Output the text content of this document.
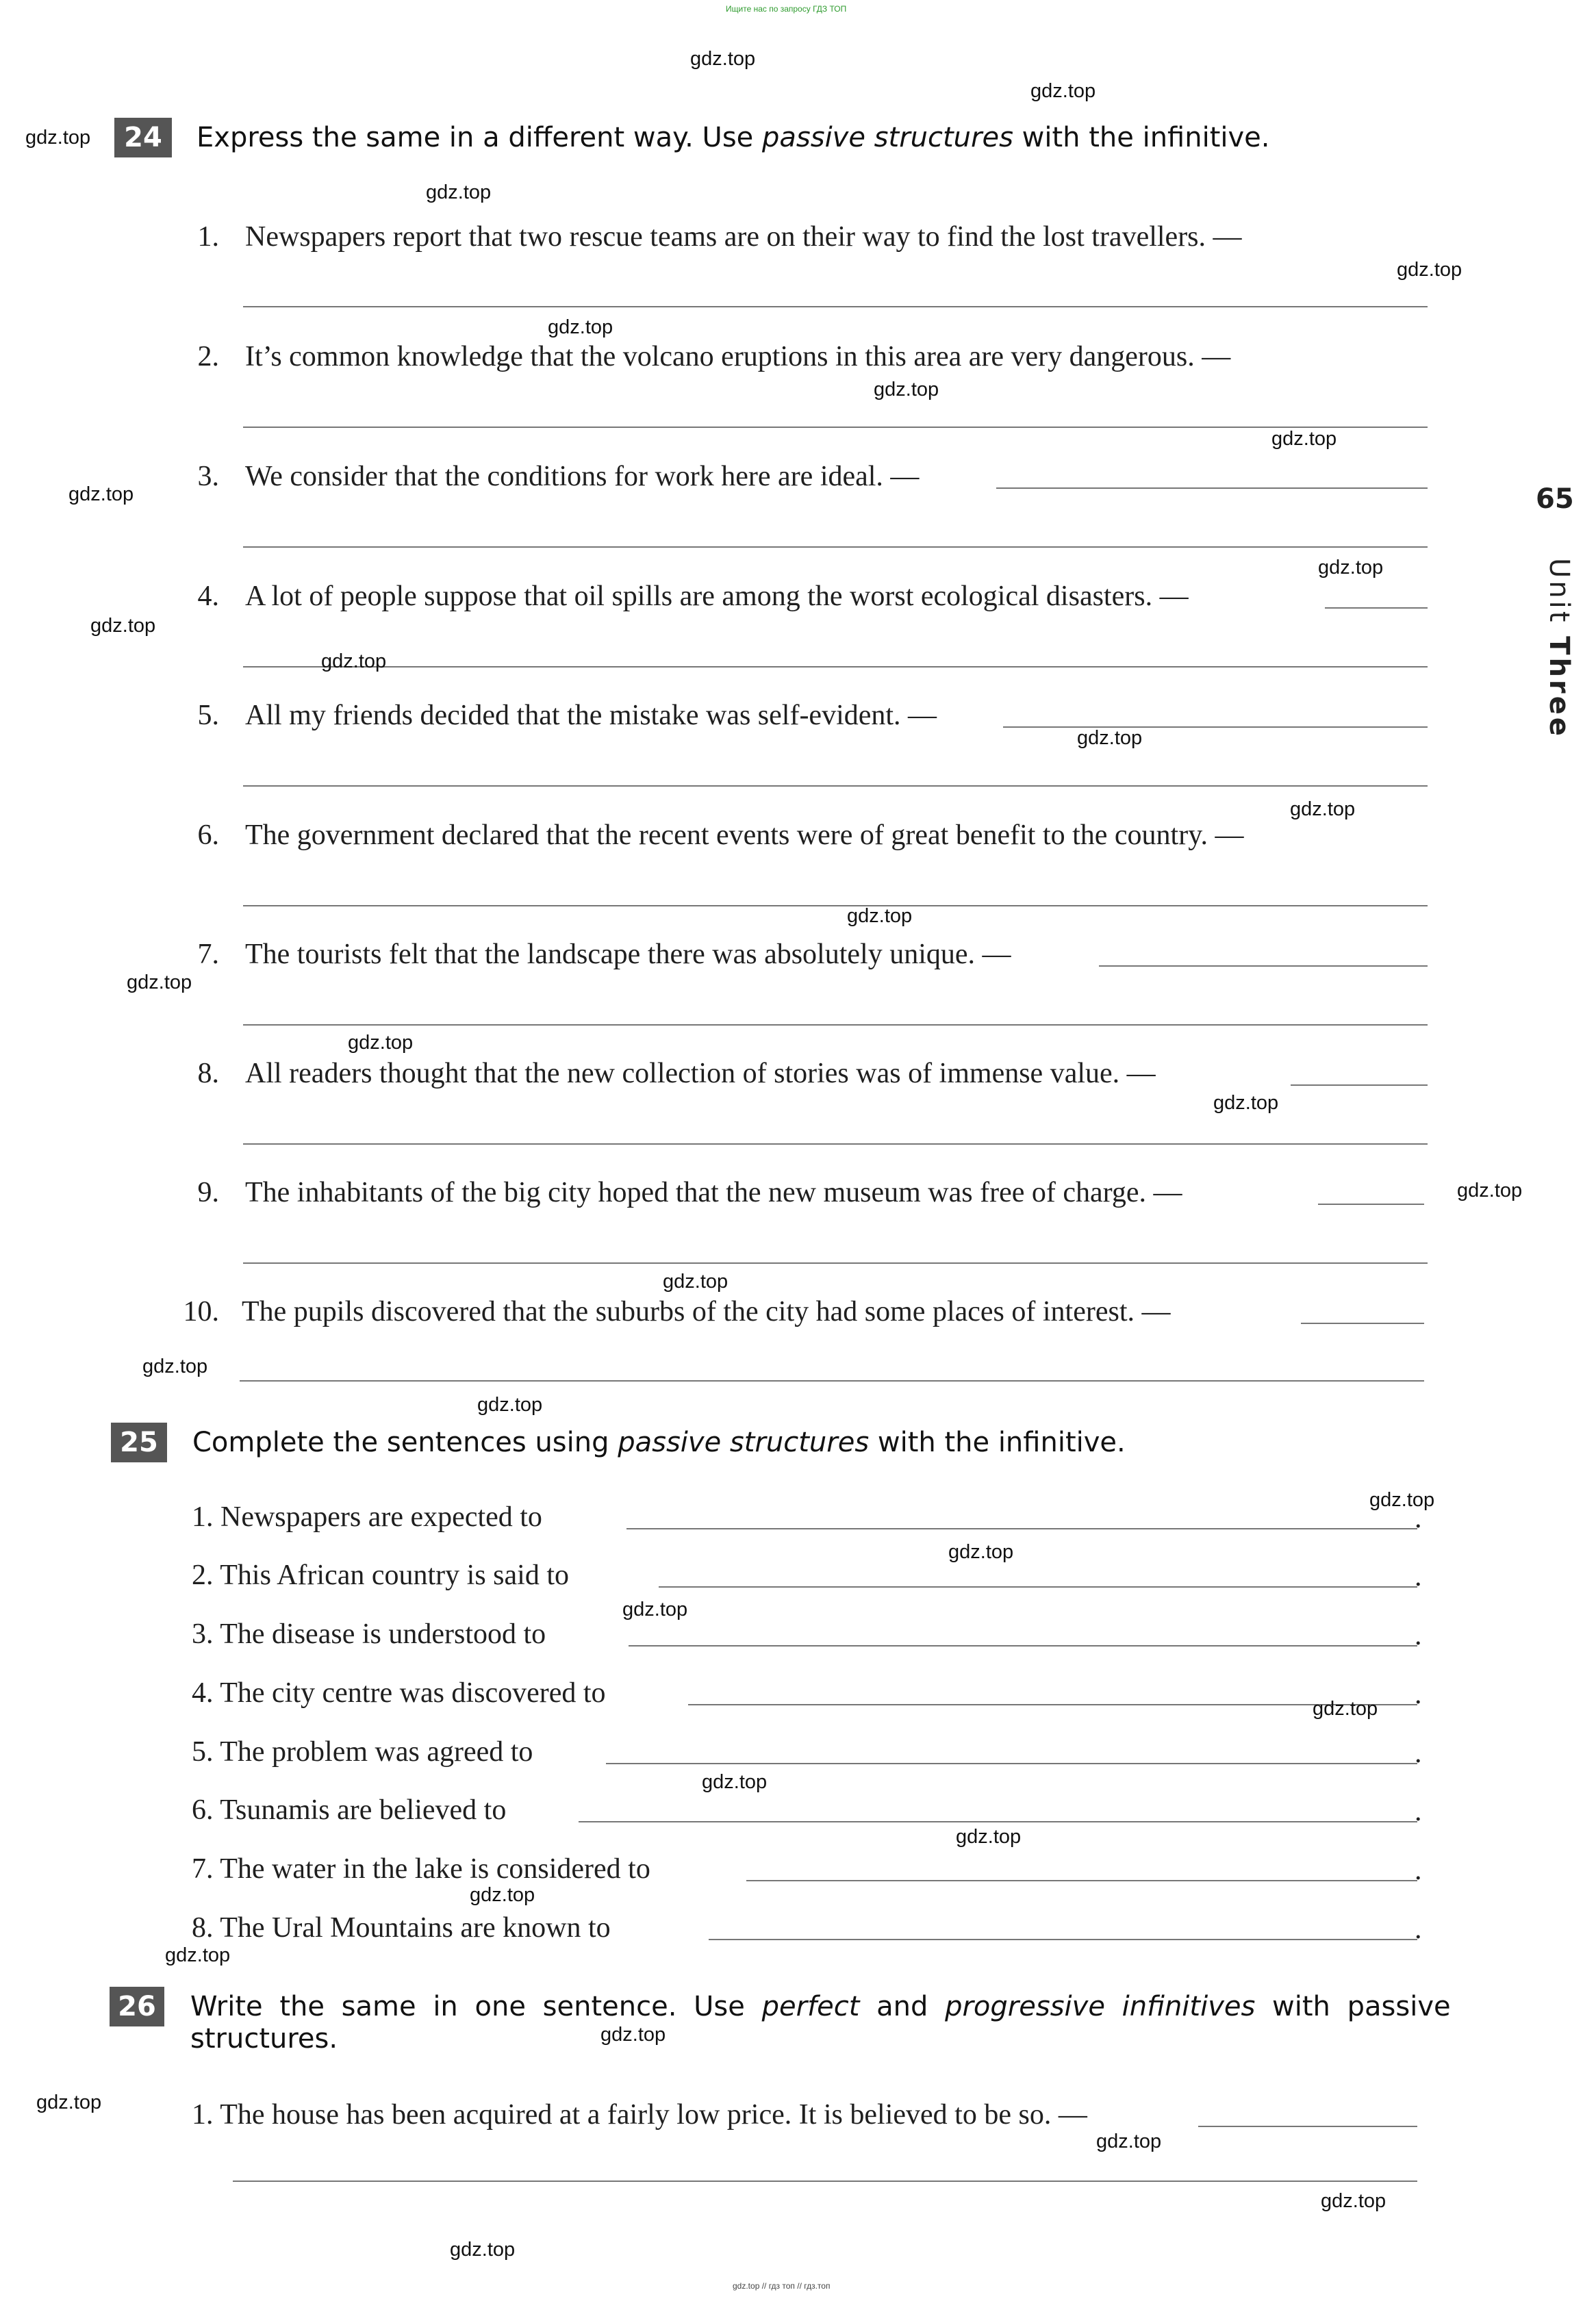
Ищите нас по запросу ГДЗ ТОП
gdz.top // гдз топ // гдз.топ
65
Unit Three
24	Express the same in a different way. Use passive structures with the infinitive.
1. Newspapers report that two rescue teams are on their way to find the lost travellers. —
2. It’s common knowledge that the volcano eruptions in this area are very dangerous. —
3. We consider that the conditions for work here are ideal. —
4. A lot of people suppose that oil spills are among the worst ecological disasters. —
5. All my friends decided that the mistake was self-evident. —
6. The government declared that the recent events were of great benefit to the country. —
7. The tourists felt that the landscape there was absolutely unique. —
8. All readers thought that the new collection of stories was of immense value. —
9. The inhabitants of the big city hoped that the new museum was free of charge. —
10. The pupils discovered that the suburbs of the city had some places of interest. —
25	Complete the sentences using passive structures with the infinitive.
1. Newspapers are expected to	.
2. This African country is said to	.
3. The disease is understood to	.
4. The city centre was discovered to	.
5. The problem was agreed to	.
6. Tsunamis are believed to	.
7. The water in the lake is considered to	.
8. The Ural Mountains are known to	.
26	Write the same in one sentence. Use perfect and progressive infinitives with passive
structures.
1. The house has been acquired at a fairly low price. It is believed to be so. —
gdz.top
gdz.top
gdz.top
gdz.top
gdz.top
gdz.top
gdz.top
gdz.top
gdz.top
gdz.top
gdz.top
gdz.top
gdz.top
gdz.top
gdz.top
gdz.top
gdz.top
gdz.top
gdz.top
gdz.top
gdz.top
gdz.top
gdz.top
gdz.top
gdz.top
gdz.top
gdz.top
gdz.top
gdz.top
gdz.top
gdz.top
gdz.top
gdz.top
gdz.top
gdz.top
